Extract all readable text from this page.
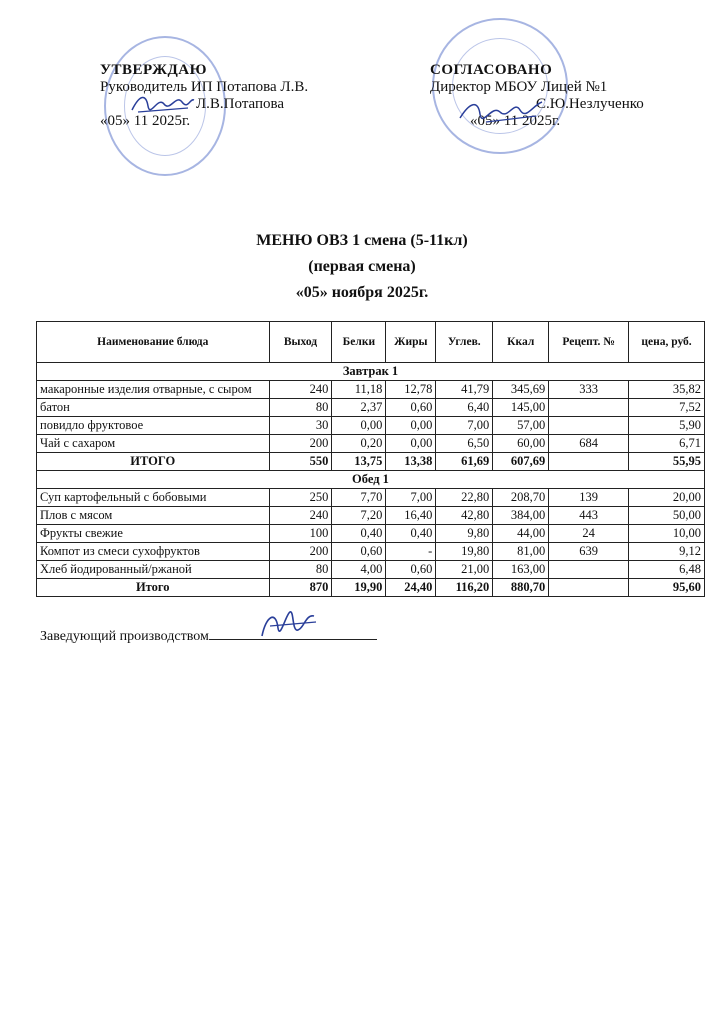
УТВЕРЖДАЮ
Руководитель ИП Потапова Л.В.
Л.В.Потапова
«05» 11 2025г.
СОГЛАСОВАНО
Директор МБОУ Лицей №1
С.Ю.Незлученко
«05» 11 2025г.
МЕНЮ ОВЗ 1 смена (5-11кл)
(первая смена)
«05» ноября 2025г.
Наименование блюда	Выход	Белки	Жиры	Углев.	Ккал	Рецепт. №	цена, руб.
Завтрак 1							
макаронные изделия отварные, с сыром	240	11,18	12,78	41,79	345,69	333	35,82
батон	80	2,37	0,60	6,40	145,00		7,52
повидло фруктовое	30	0,00	0,00	7,00	57,00		5,90
Чай с сахаром	200	0,20	0,00	6,50	60,00	684	6,71
ИТОГО	550	13,75	13,38	61,69	607,69		55,95
Обед 1							
Суп картофельный с бобовыми	250	7,70	7,00	22,80	208,70	139	20,00
Плов с мясом	240	7,20	16,40	42,80	384,00	443	50,00
Фрукты свежие	100	0,40	0,40	9,80	44,00	24	10,00
Компот из смеси сухофруктов	200	0,60	-	19,80	81,00	639	9,12
Хлеб йодированный/ржаной	80	4,00	0,60	21,00	163,00		6,48
Итого	870	19,90	24,40	116,20	880,70		95,60
Заведующий производством
